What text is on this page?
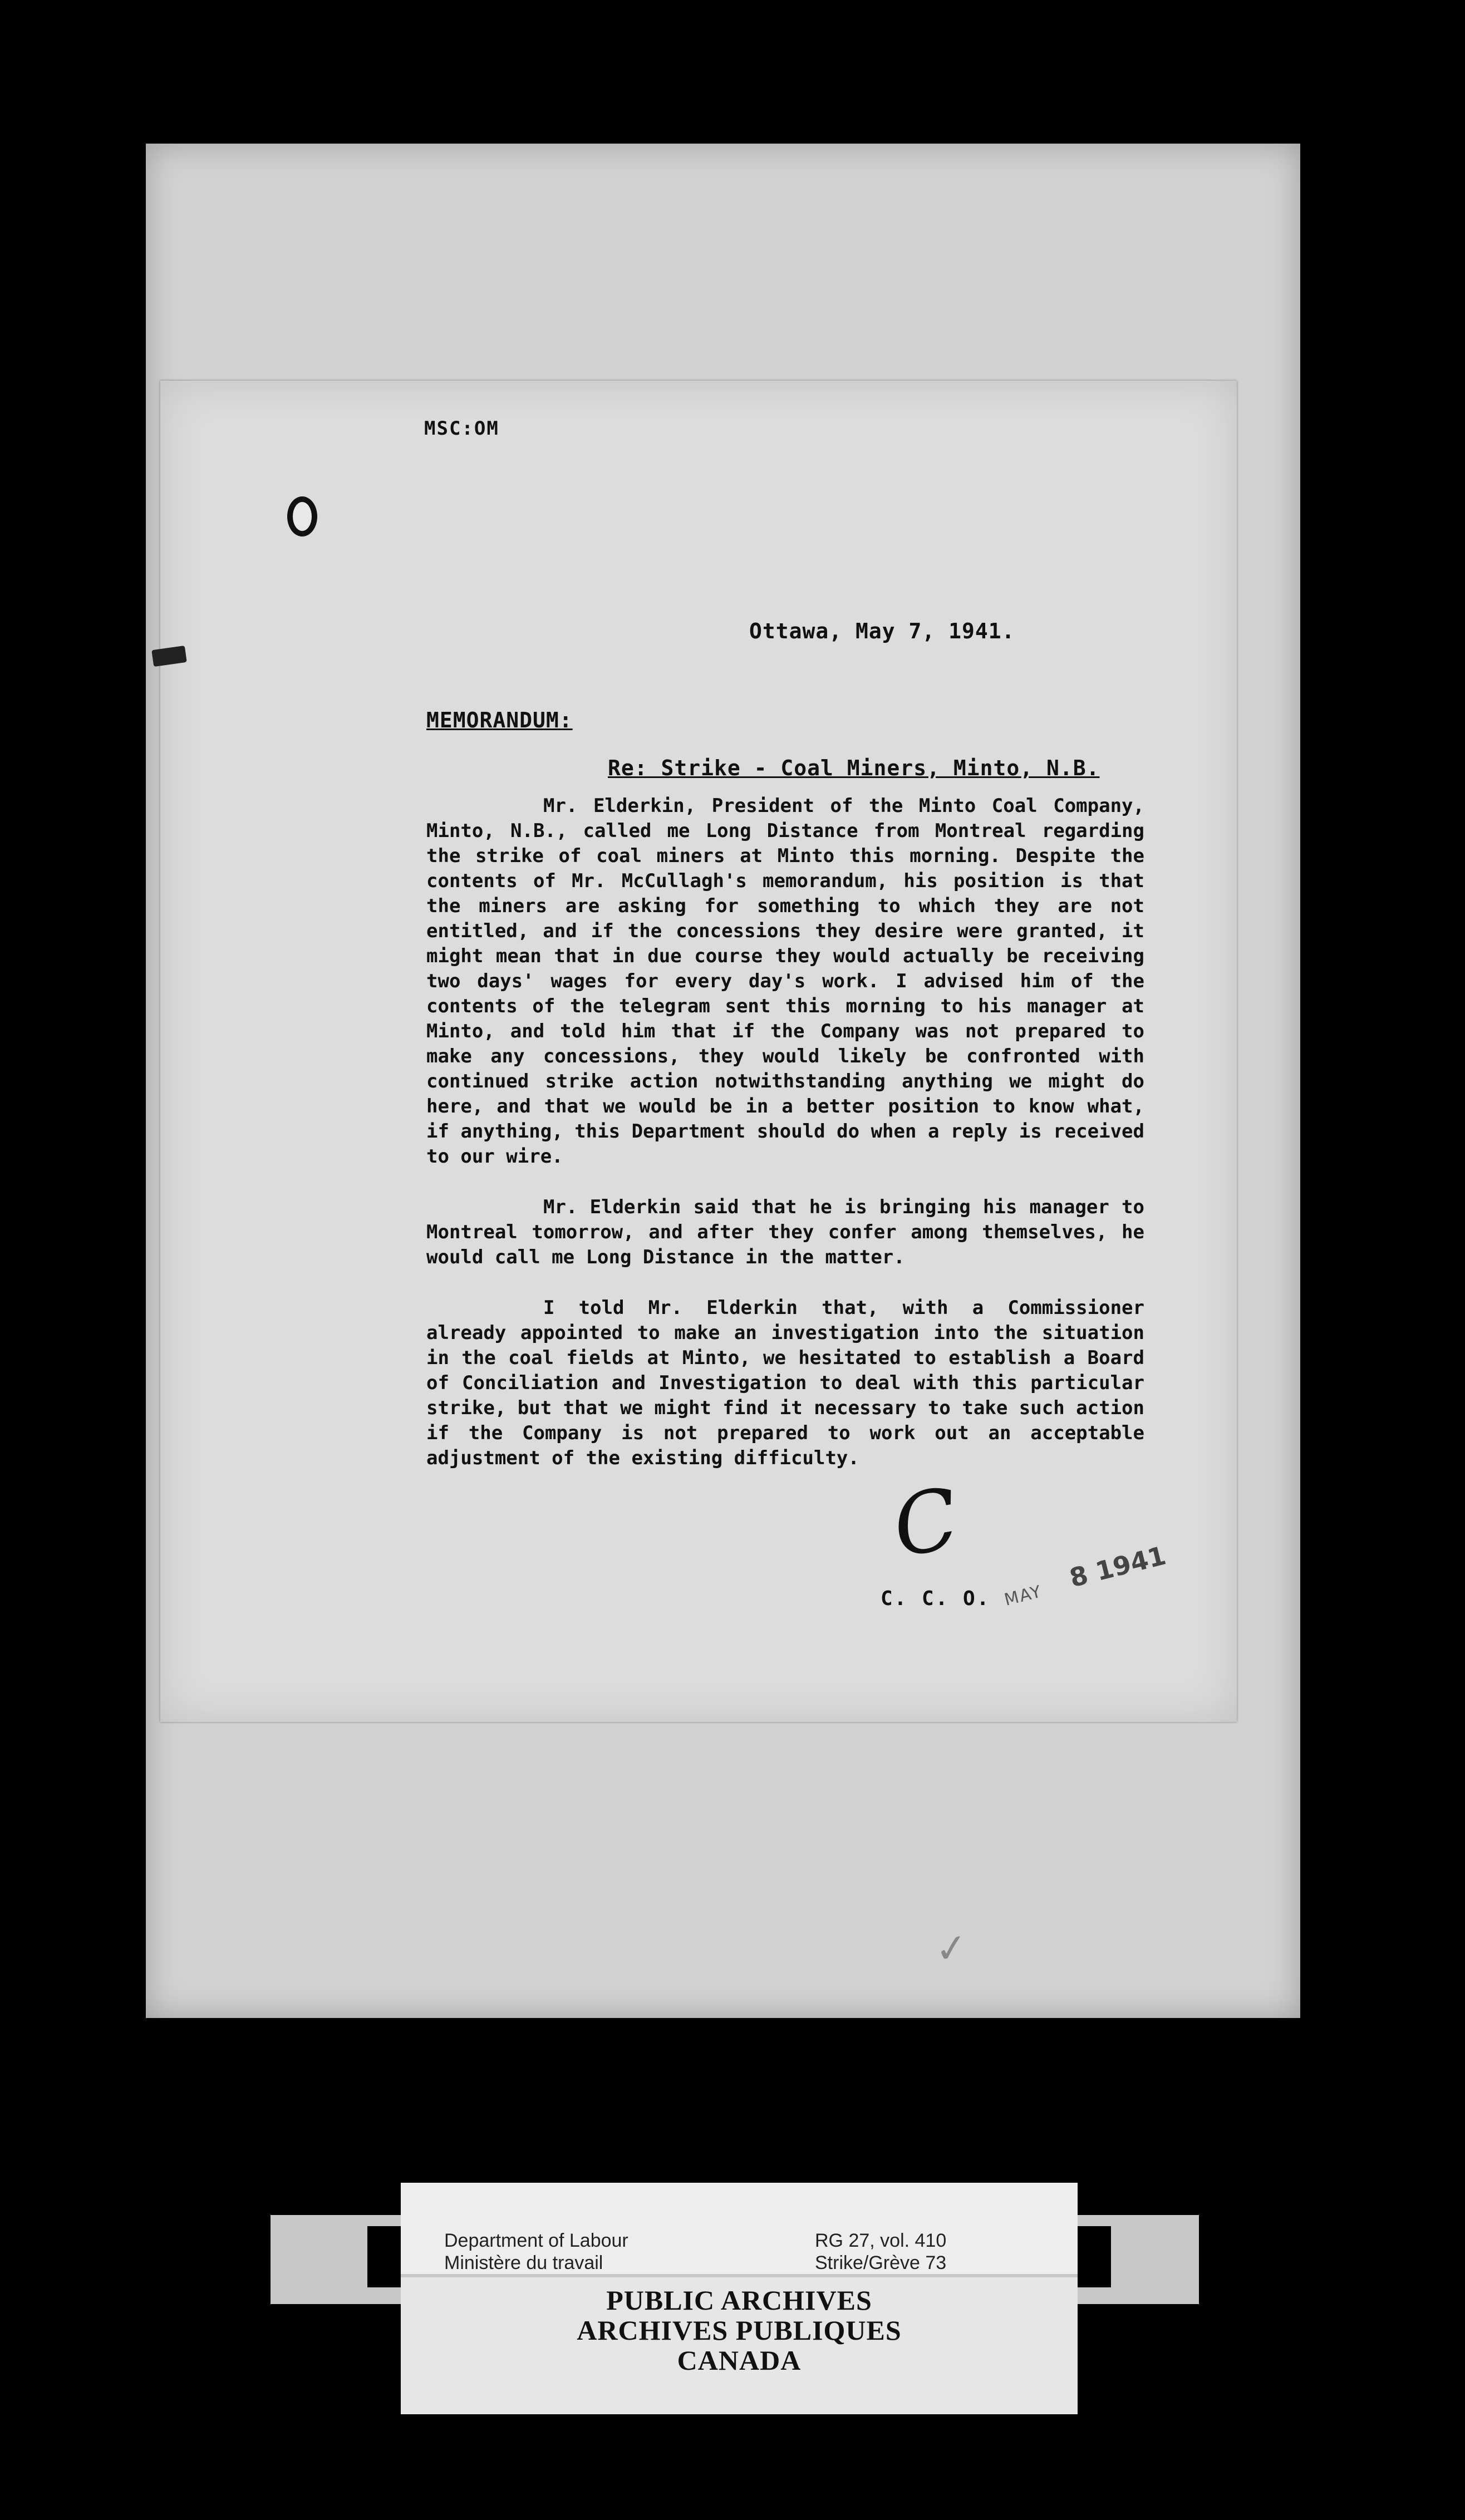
MSC:OM
Ottawa, May 7, 1941.
MEMORANDUM:
Re: Strike - Coal Miners, Minto, N.B.

Mr. Elderkin, President of the Minto Coal Company, Minto, N.B., called me Long Distance from Montreal regarding the strike of coal miners at Minto this morning. Despite the contents of Mr. McCullagh's memorandum, his position is that the miners are asking for something to which they are not entitled, and if the concessions they desire were granted, it might mean that in due course they would actually be receiving two days' wages for every day's work. I advised him of the contents of the telegram sent this morning to his manager at Minto, and told him that if the Company was not prepared to make any concessions, they would likely be confronted with continued strike action notwithstanding anything we might do here, and that we would be in a better position to know what, if anything, this Department should do when a reply is received to our wire.

Mr. Elderkin said that he is bringing his manager to Montreal tomorrow, and after they confer among themselves, he would call me Long Distance in the matter.

I told Mr. Elderkin that, with a Commissioner already appointed to make an investigation into the situation in the coal fields at Minto, we hesitated to establish a Board of Conciliation and Investigation to deal with this particular strike, but that we might find it necessary to take such action if the Company is not prepared to work out an acceptable adjustment of the existing difficulty.

C
C. C. O. MAY
8 1941
✓
Department of Labour
Ministère du travail
RG 27, vol. 410
Strike/Grève 73
PUBLIC ARCHIVES
ARCHIVES PUBLIQUES
CANADA
